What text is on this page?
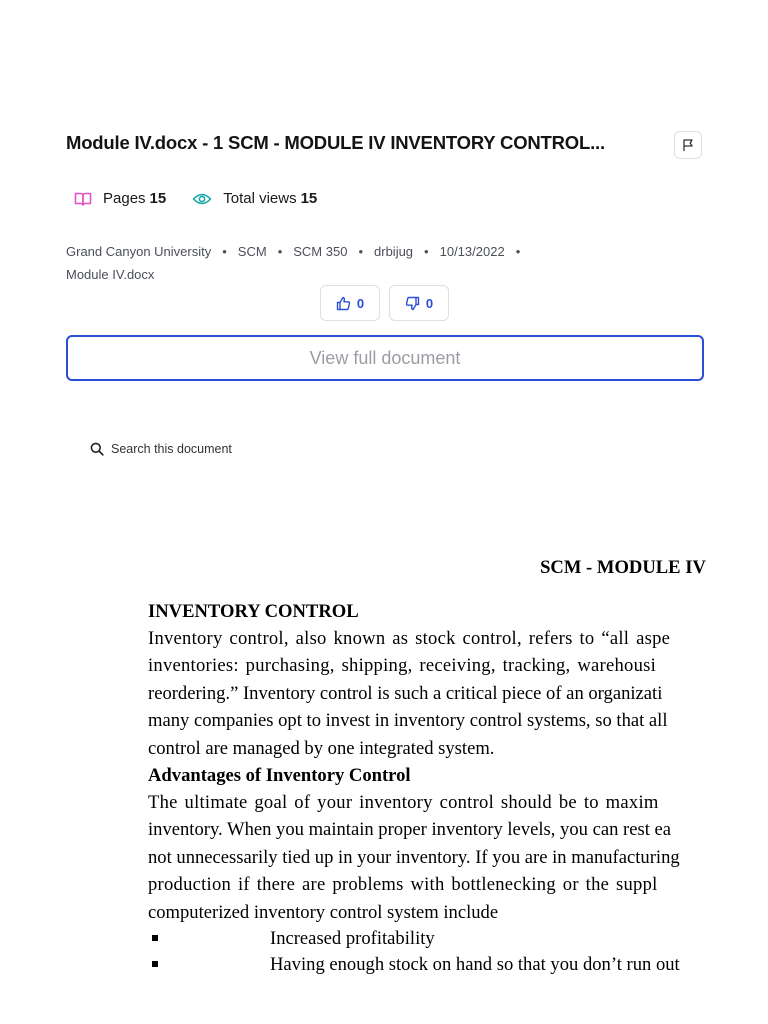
Module IV.docx - 1 SCM - MODULE IV INVENTORY CONTROL...
Pages 15	Total views 15
Grand Canyon University • SCM • SCM 350 • drbijug • 10/13/2022 •
Module IV.docx
0	0
View full document
Search this document
SCM - MODULE IV
INVENTORY CONTROL
Inventory control, also known as stock control, refers to “all aspe
inventories: purchasing, shipping, receiving, tracking, warehousi
reordering.” Inventory control is such a critical piece of an organizati
many companies opt to invest in inventory control systems, so that all
control are managed by one integrated system.
Advantages of Inventory Control
The ultimate goal of your inventory control should be to maxim
inventory. When you maintain proper inventory levels, you can rest ea
not unnecessarily tied up in your inventory. If you are in manufacturing
production if there are problems with bottlenecking or the suppl
computerized inventory control system include
Increased profitability
Having enough stock on hand so that you don’t run out
